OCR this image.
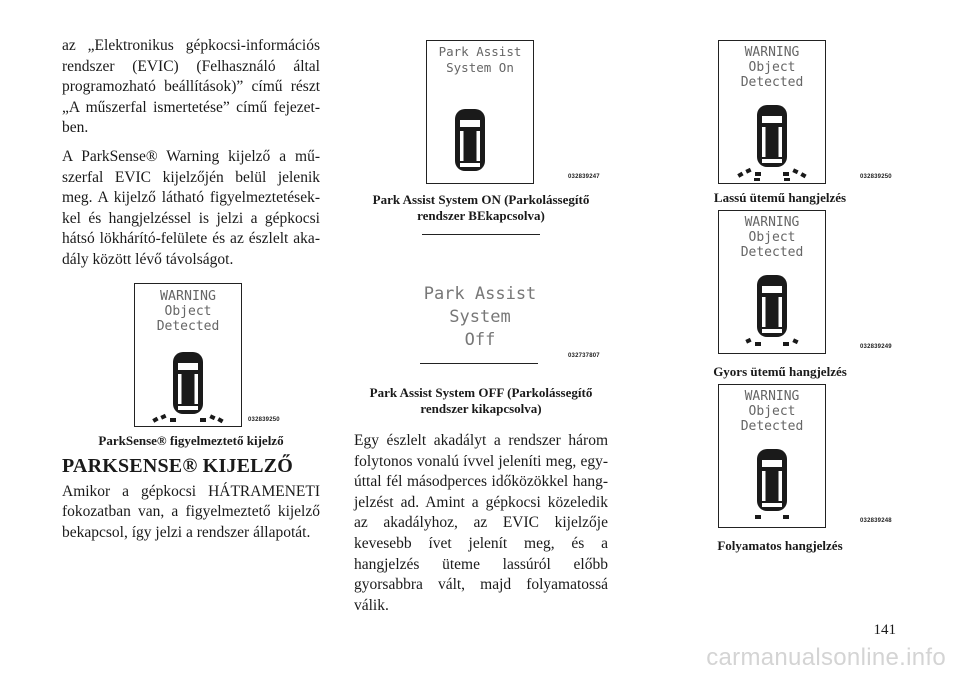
az „Elektronikus gépkocsi-információs rendszer (EVIC) (Felhasználó által programozható beállítások)” című részt „A műszerfal ismertetése” című fejezetben.

A ParkSense® Warning kijelző a műszerfal EVIC kijelzőjén belül jelenik meg. A kijelző látható figyelmeztetésekkel és hangjelzéssel is jelzi a gépkocsi hátsó lökhárító-felülete és az észlelt akadály között lévő távolságot.

WARNING
Object
Detected
032839250

ParkSense® figyelmeztető kijelző

PARKSENSE® KIJELZŐ

Amikor a gépkocsi HÁTRAMENETI fokozatban van, a figyelmeztető kijelző bekapcsol, így jelzi a rendszer állapotát.

Park Assist
System On
032839247

Park Assist System ON (Parkolássegítő rendszer BEkapcsolva)

Park Assist
System
Off
032737807

Park Assist System OFF (Parkolássegítő rendszer kikapcsolva)

Egy észlelt akadályt a rendszer három folytonos vonalú ívvel jeleníti meg, egyúttal fél másodperces időközökkel hangjelzést ad. Amint a gépkocsi közeledik az akadályhoz, az EVIC kijelzője kevesebb ívet jelenít meg, és a hangjelzés üteme lassúról előbb gyorsabbra vált, majd folyamatossá válik.

WARNING
Object
Detected
032839250

Lassú ütemű hangjelzés

WARNING
Object
Detected
032839249

Gyors ütemű hangjelzés

WARNING
Object
Detected
032839248

Folyamatos hangjelzés

141
carmanualsonline.info
